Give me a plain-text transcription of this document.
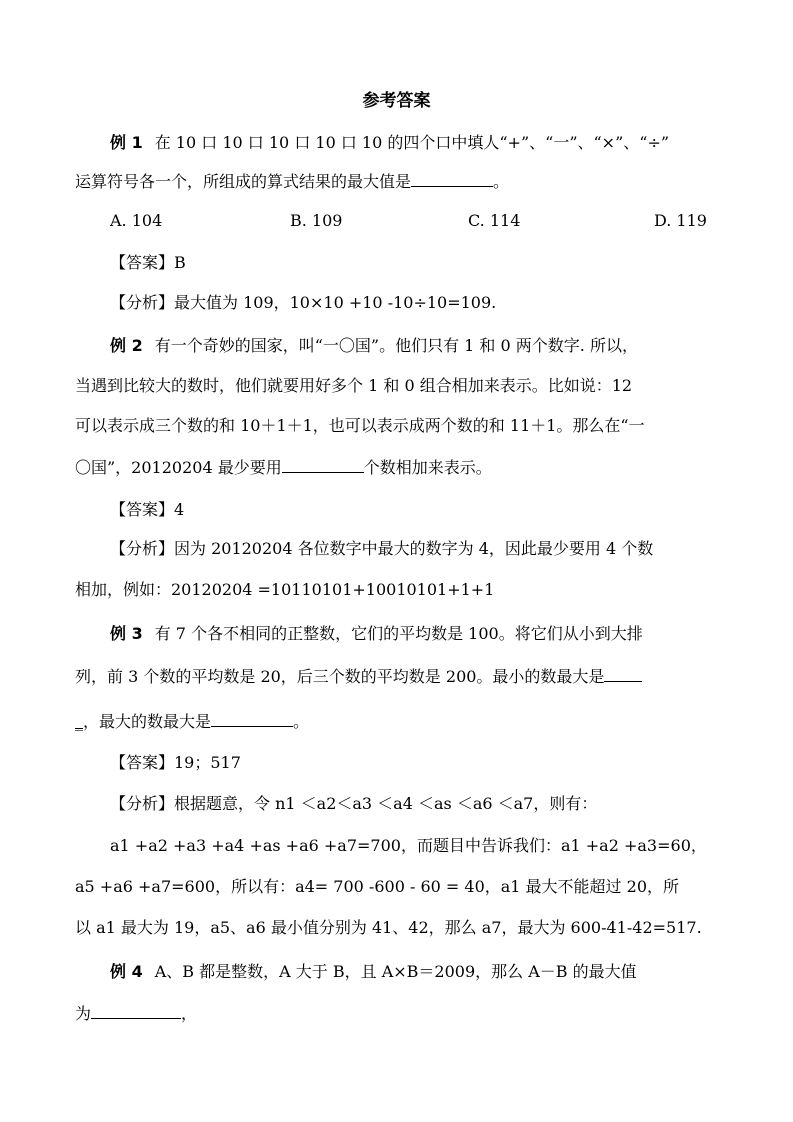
参考答案
例 1 在 10 口 10 口 10 口 10 口 10 的四个口中填人“+”、“一”、“×”、“÷”
运算符号各一个，所组成的算式结果的最大值是	。
A. 104	B. 109	C. 114	D. 119
【答案】B
【分析】最大值为 109，10×10 +10 -10÷10=109.
例 2 有一个奇妙的国家，叫“一〇国”。他们只有 1 和 0 两个数字. 所以，
当遇到比较大的数时，他们就要用好多个 1 和 0 组合相加来表示。比如说：12
可以表示成三个数的和 10＋1＋1，也可以表示成两个数的和 11＋1。那么在“一
〇国”，20120204 最少要用	个数相加来表示。
【答案】4
【分析】因为 20120204 各位数字中最大的数字为 4，因此最少要用 4 个数
相加，例如：20120204 =10110101+10010101+1+1
例 3 有 7 个各不相同的正整数，它们的平均数是 100。将它们从小到大排
列，前 3 个数的平均数是 20，后三个数的平均数是 200。最小的数最大是
_，最大的数最大是	。
【答案】19；517
【分析】根据题意，令 n1 ＜a2＜a3 ＜a4 ＜as ＜a6 ＜a7，则有：
a1 +a2 +a3 +a4 +as +a6 +a7=700，而题目中告诉我们：a1 +a2 +a3=60，
a5 +a6 +a7=600，所以有：a4= 700 -600 - 60 = 40，a1 最大不能超过 20，所
以 a1 最大为 19，a5、a6 最小值分别为 41、42，那么 a7，最大为 600-41-42=517.
例 4 A、B 都是整数，A 大于 B，且 A×B＝2009，那么 A－B 的最大值
为	，
